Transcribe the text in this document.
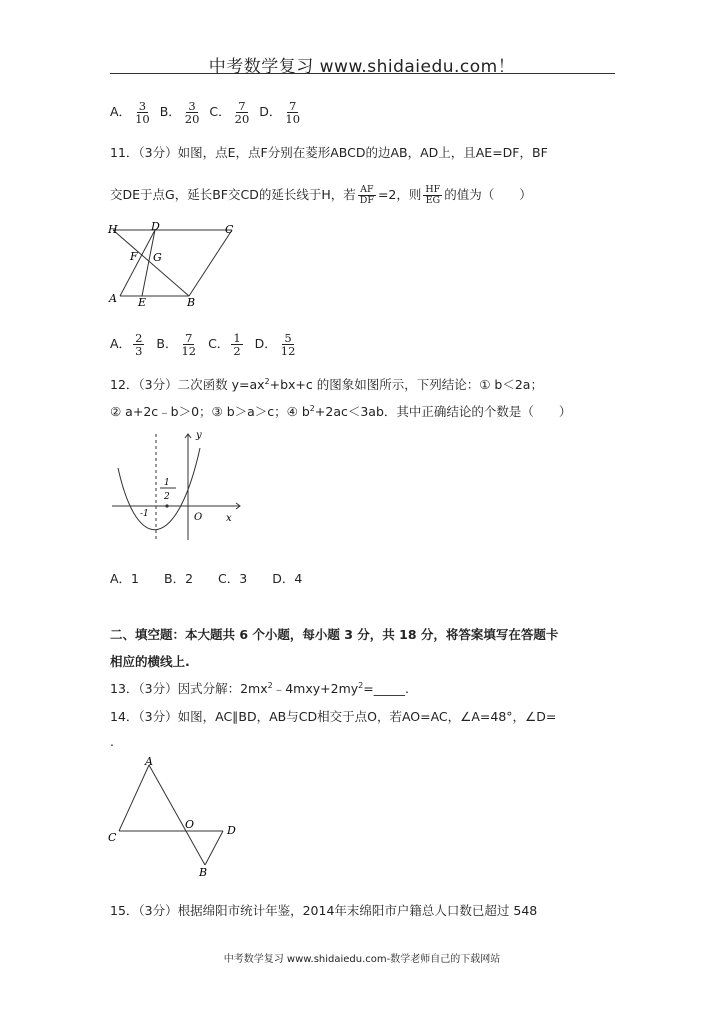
中考数学复习 www.shidaiedu.com！
A． $\frac{3}{10}$ B． $\frac{3}{20}$ C． $\frac{7}{20}$ D． $\frac{7}{10}$
11．（3分）如图，点E，点F分别在菱形ABCD的边AB，AD上，且AE=DF，BF
交DE于点G，延长BF交CD的延长线于H，若 $\frac{AF}{DF} =2$，则 $\frac{HF}{EG}$ 的值为（　　）
H	D	C
F G
A E	B
A． $\frac{2}{3}$ B． $\frac{7}{12}$ C． $\frac{1}{2}$ D． $\frac{5}{12}$
12．（3分）二次函数 $y=ax^2+bx+c$ 的图象如图所示，下列结论：① b＜2a；
② a+2c﹣b＞0；③ b＞a＞c；④ $b^2+2ac<3ab$．其中正确结论的个数是（　　）
y
x
O
-1
1
2
A．1　　B．2　　C．3　　D．4
二、填空题：本大题共 6 个小题，每小题 3 分，共 18 分，将答案填写在答题卡
相应的横线上.
13．（3分）因式分解：$2mx^2﹣4mxy+2my^2=\_\_\_\_\_$.
14．（3分）如图，AC∥BD，AB与CD相交于点O，若AO=AC，∠A=48°，∠D=
.
A
C
O	D
B
15．（3分）根据绵阳市统计年鉴，2014年末绵阳市户籍总人口数已超过 548
中考数学复习 www.shidaiedu.com-数学老师自己的下载网站
